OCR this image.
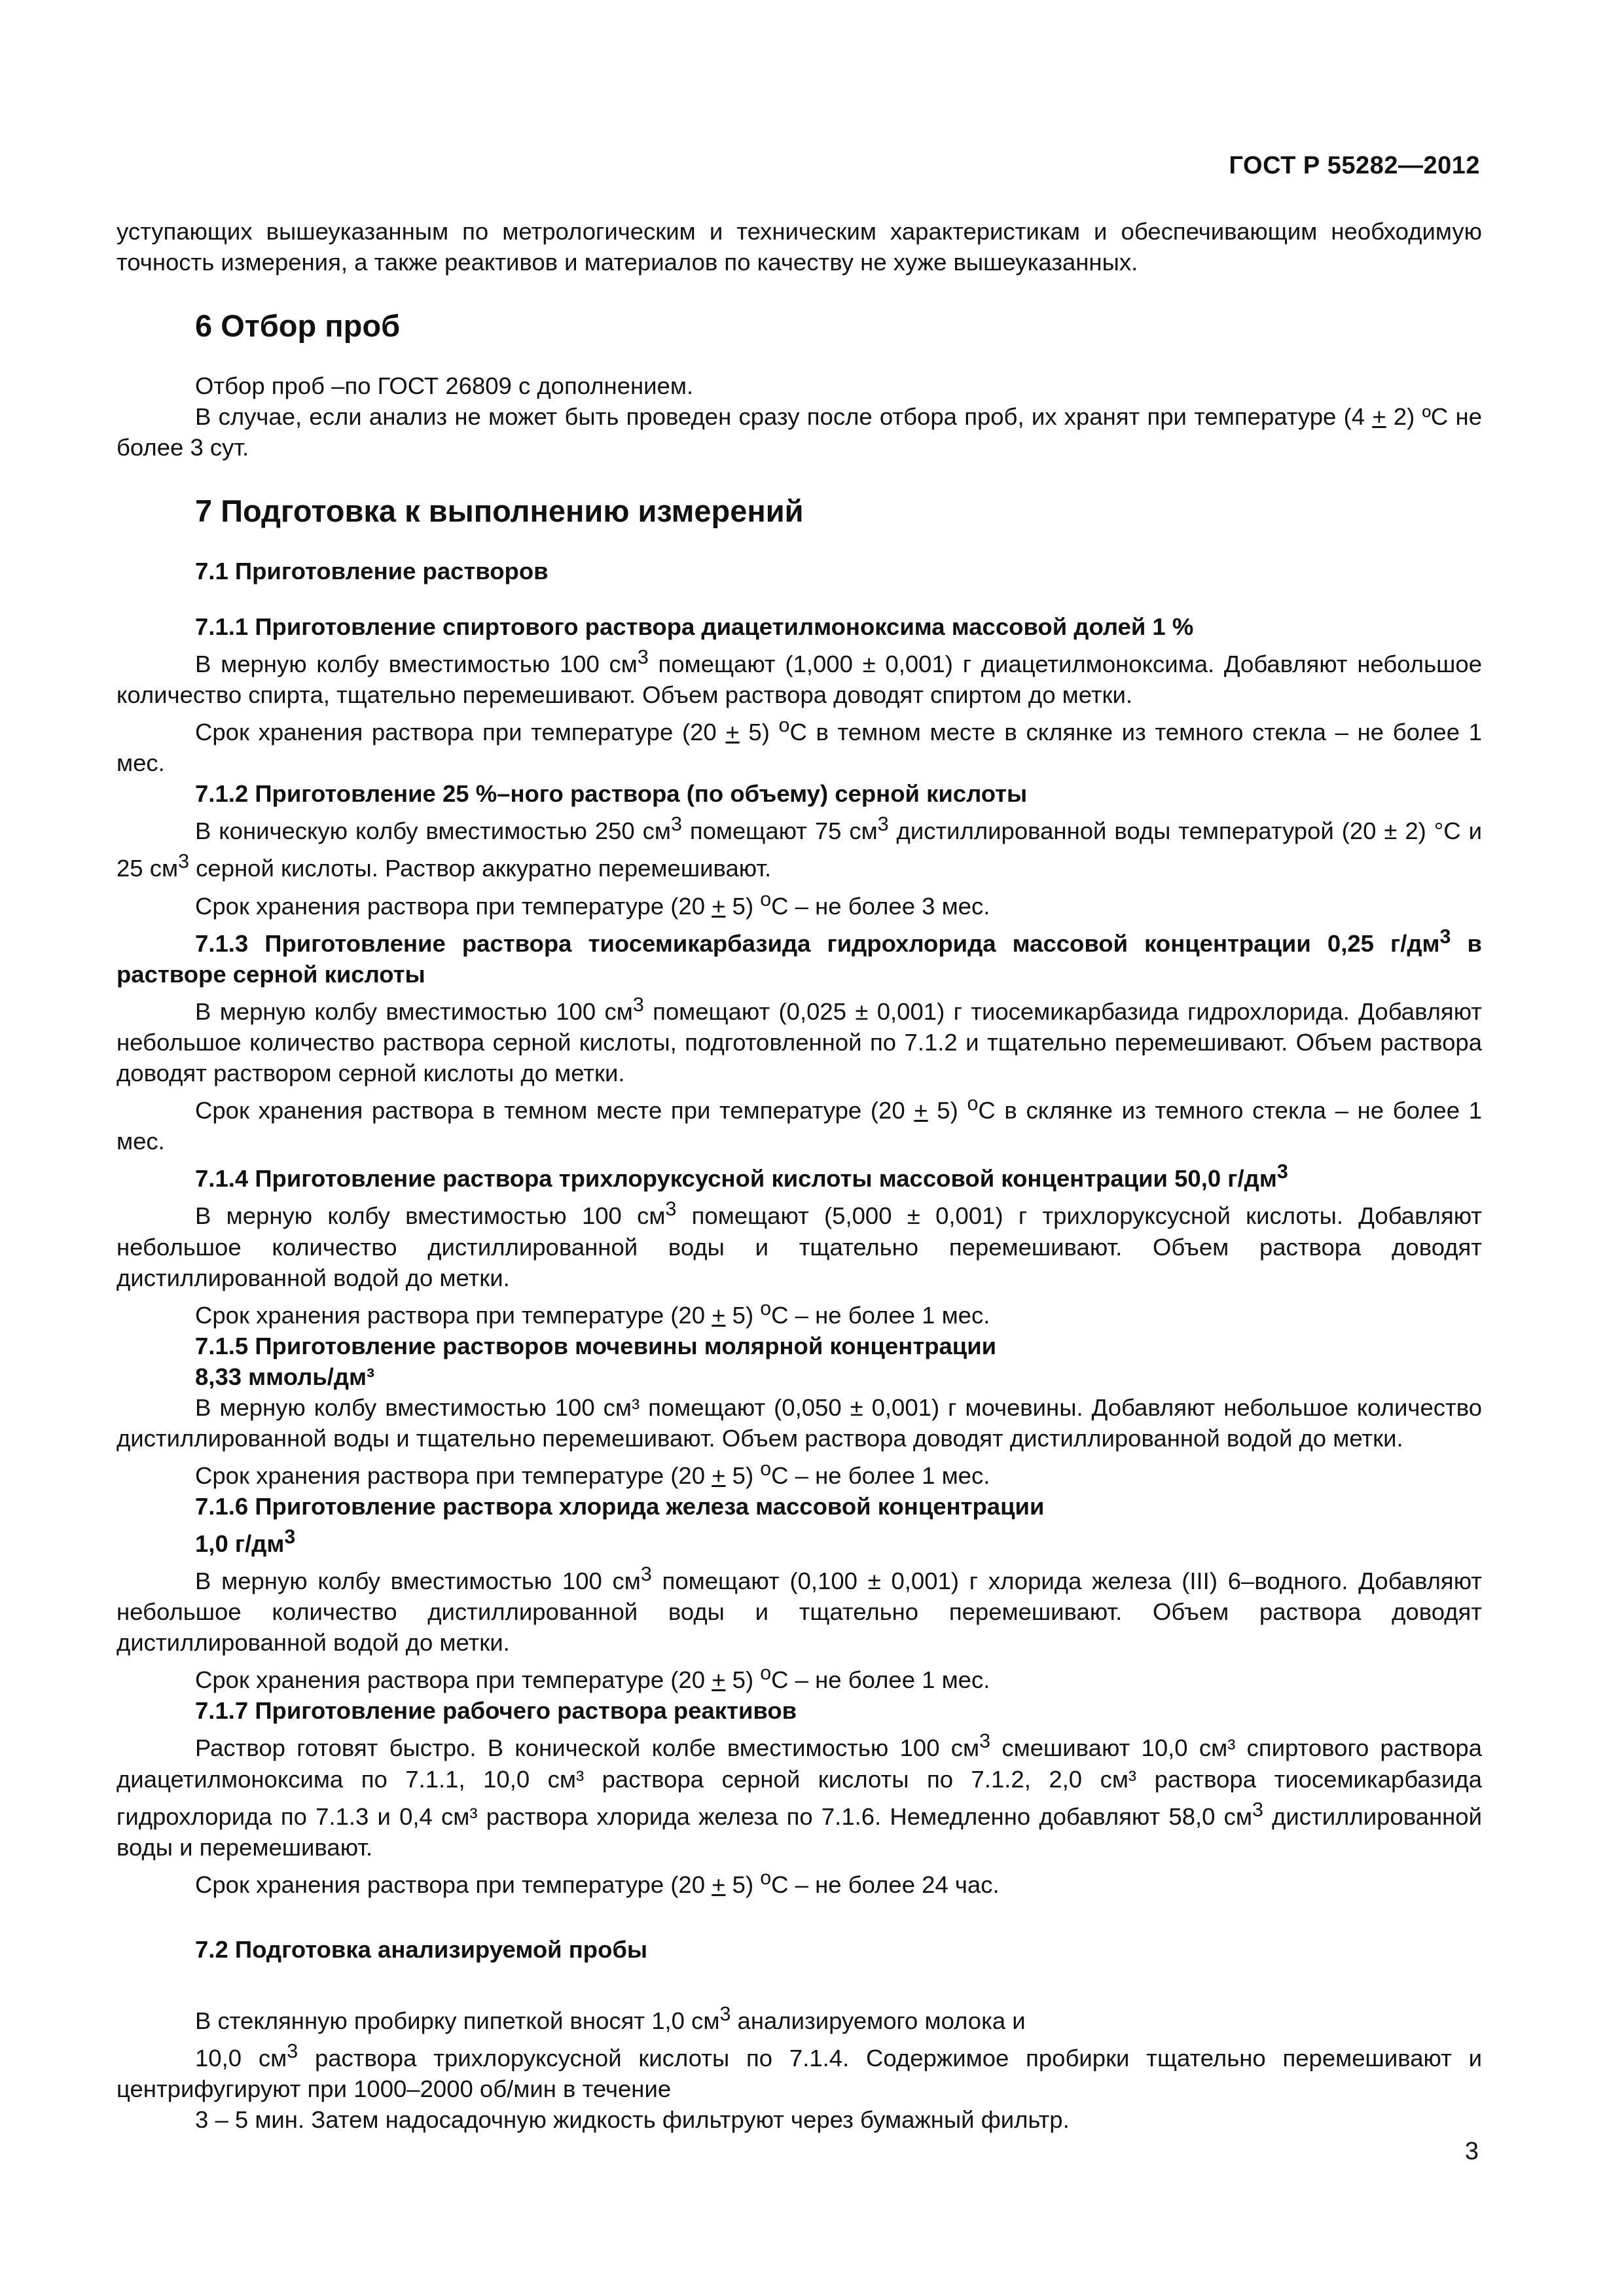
ГОСТ Р 55282—2012

уступающих вышеуказанным по метрологическим и техническим характеристикам и обеспечивающим необходимую точность измерения, а также реактивов и материалов по качеству не хуже вышеуказанных.

6 Отбор проб

Отбор проб –по ГОСТ 26809 с дополнением.

В случае, если анализ не может быть проведен сразу после отбора проб, их хранят при температуре (4 + 2) ºС не более 3 сут.

7 Подготовка к выполнению измерений
7.1 Приготовление растворов
7.1.1 Приготовление спиртового раствора диацетилмоноксима массовой долей 1 %

В мерную колбу вместимостью 100 $см^3$ помещают (1,000 ± 0,001) г диацетилмоноксима. Добавляют небольшое количество спирта, тщательно перемешивают. Объем раствора доводят спиртом до метки.

Срок хранения раствора при температуре (20 + 5) $^о$С в темном месте в склянке из темного стекла – не более 1 мес.

7.1.2 Приготовление 25 %–ного раствора (по объему) серной кислоты

В коническую колбу вместимостью 250 $см^3$ помещают 75 $см^3$ дистиллированной воды температурой (20 ± 2) °С и 25 $см^3$ серной кислоты. Раствор аккуратно перемешивают.

Срок хранения раствора при температуре (20 + 5) $^о$С – не более 3 мес.

7.1.3 Приготовление раствора тиосемикарбазида гидрохлорида массовой концентрации 0,25 $г/дм^3$ в растворе серной кислоты

В мерную колбу вместимостью 100 $см^3$ помещают (0,025 ± 0,001) г тиосемикарбазида гидрохлорида. Добавляют небольшое количество раствора серной кислоты, подготовленной по 7.1.2 и тщательно перемешивают. Объем раствора доводят раствором серной кислоты до метки.

Срок хранения раствора в темном месте при температуре (20 + 5) $^о$С в склянке из темного стекла – не более 1 мес.

7.1.4 Приготовление раствора трихлоруксусной кислоты массовой концентрации 50,0 $г/дм^3$

В мерную колбу вместимостью 100 $см^3$ помещают (5,000 ± 0,001) г трихлоруксусной кислоты. Добавляют небольшое количество дистиллированной воды и тщательно перемешивают. Объем раствора доводят дистиллированной водой до метки.

Срок хранения раствора при температуре (20 + 5) $^о$С – не более 1 мес.

7.1.5 Приготовление растворов мочевины молярной концентрации
8,33 ммоль/дм³

В мерную колбу вместимостью 100 см³ помещают (0,050 ± 0,001) г мочевины. Добавляют небольшое количество дистиллированной воды и тщательно перемешивают. Объем раствора доводят дистиллированной водой до метки.

Срок хранения раствора при температуре (20 + 5) $^о$С – не более 1 мес.

7.1.6 Приготовление раствора хлорида железа массовой концентрации
1,0 $г/дм^3$

В мерную колбу вместимостью 100 $см^3$ помещают (0,100 ± 0,001) г хлорида железа (III) 6–водного. Добавляют небольшое количество дистиллированной воды и тщательно перемешивают. Объем раствора доводят дистиллированной водой до метки.

Срок хранения раствора при температуре (20 + 5) $^о$С – не более 1 мес.

7.1.7 Приготовление рабочего раствора реактивов

Раствор готовят быстро. В конической колбе вместимостью 100 $см^3$ смешивают 10,0 см³ спиртового раствора диацетилмоноксима по 7.1.1, 10,0 см³ раствора серной кислоты по 7.1.2, 2,0 см³ раствора тиосемикарбазида гидрохлорида по 7.1.3 и 0,4 см³ раствора хлорида железа по 7.1.6. Немедленно добавляют 58,0 $см^3$ дистиллированной воды и перемешивают.

Срок хранения раствора при температуре (20 + 5) $^о$С – не более 24 час.

7.2 Подготовка анализируемой пробы

В стеклянную пробирку пипеткой вносят 1,0 $см^3$ анализируемого молока и

10,0 $см^3$ раствора трихлоруксусной кислоты по 7.1.4. Содержимое пробирки тщательно перемешивают и центрифугируют при 1000–2000 об/мин в течение

3 – 5 мин. Затем надосадочную жидкость фильтруют через бумажный фильтр.

3
